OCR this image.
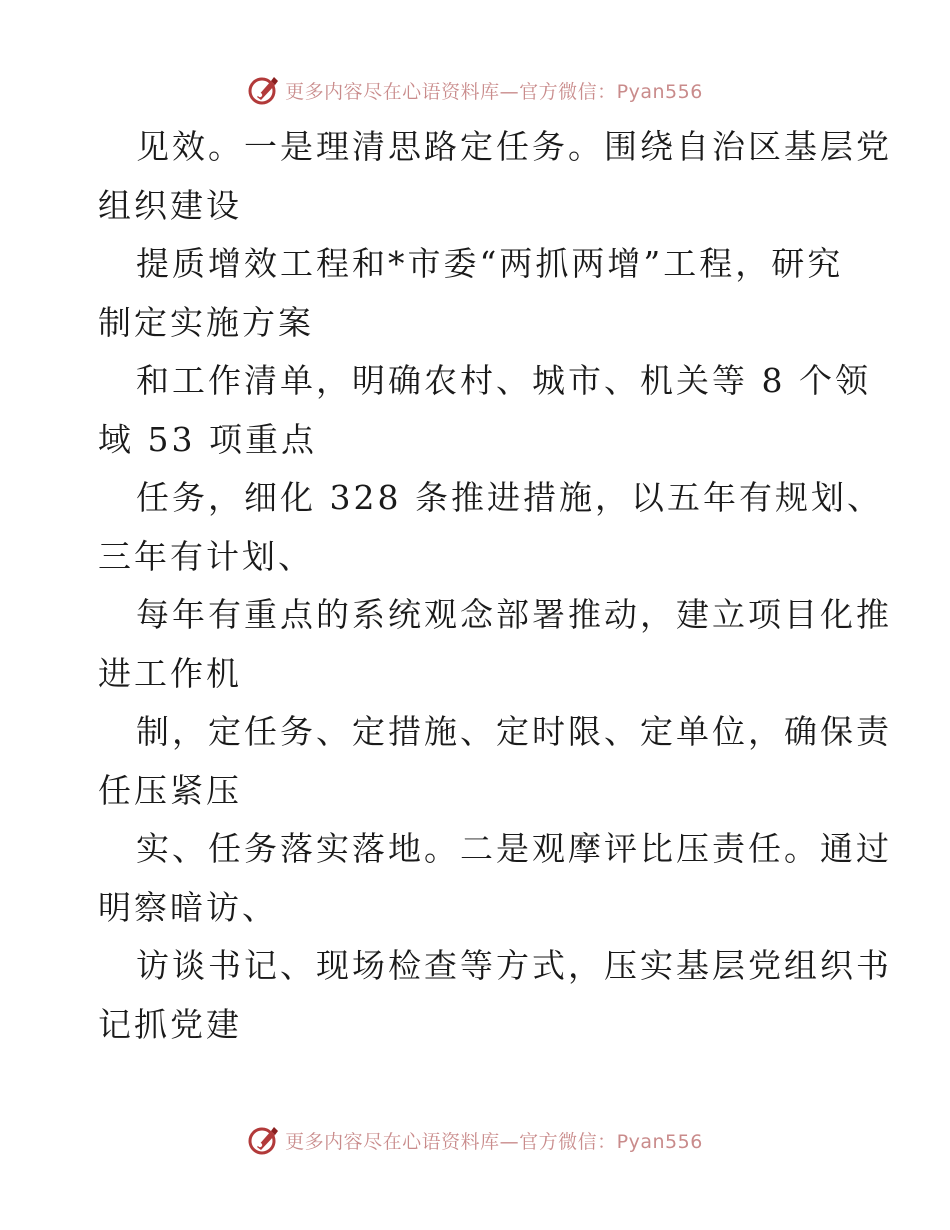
更多内容尽在心语资料库—官方微信：Pyan556
见效。一是理清思路定任务。围绕自治区基层党
组织建设
提质增效工程和*市委“两抓两增”工程，研究
制定实施方案
和工作清单，明确农村、城市、机关等 8 个领
域 53 项重点
任务，细化 328 条推进措施，以五年有规划、
三年有计划、
每年有重点的系统观念部署推动，建立项目化推
进工作机
制，定任务、定措施、定时限、定单位，确保责
任压紧压
实、任务落实落地。二是观摩评比压责任。通过
明察暗访、
访谈书记、现场检查等方式，压实基层党组织书
记抓党建
更多内容尽在心语资料库—官方微信：Pyan556
